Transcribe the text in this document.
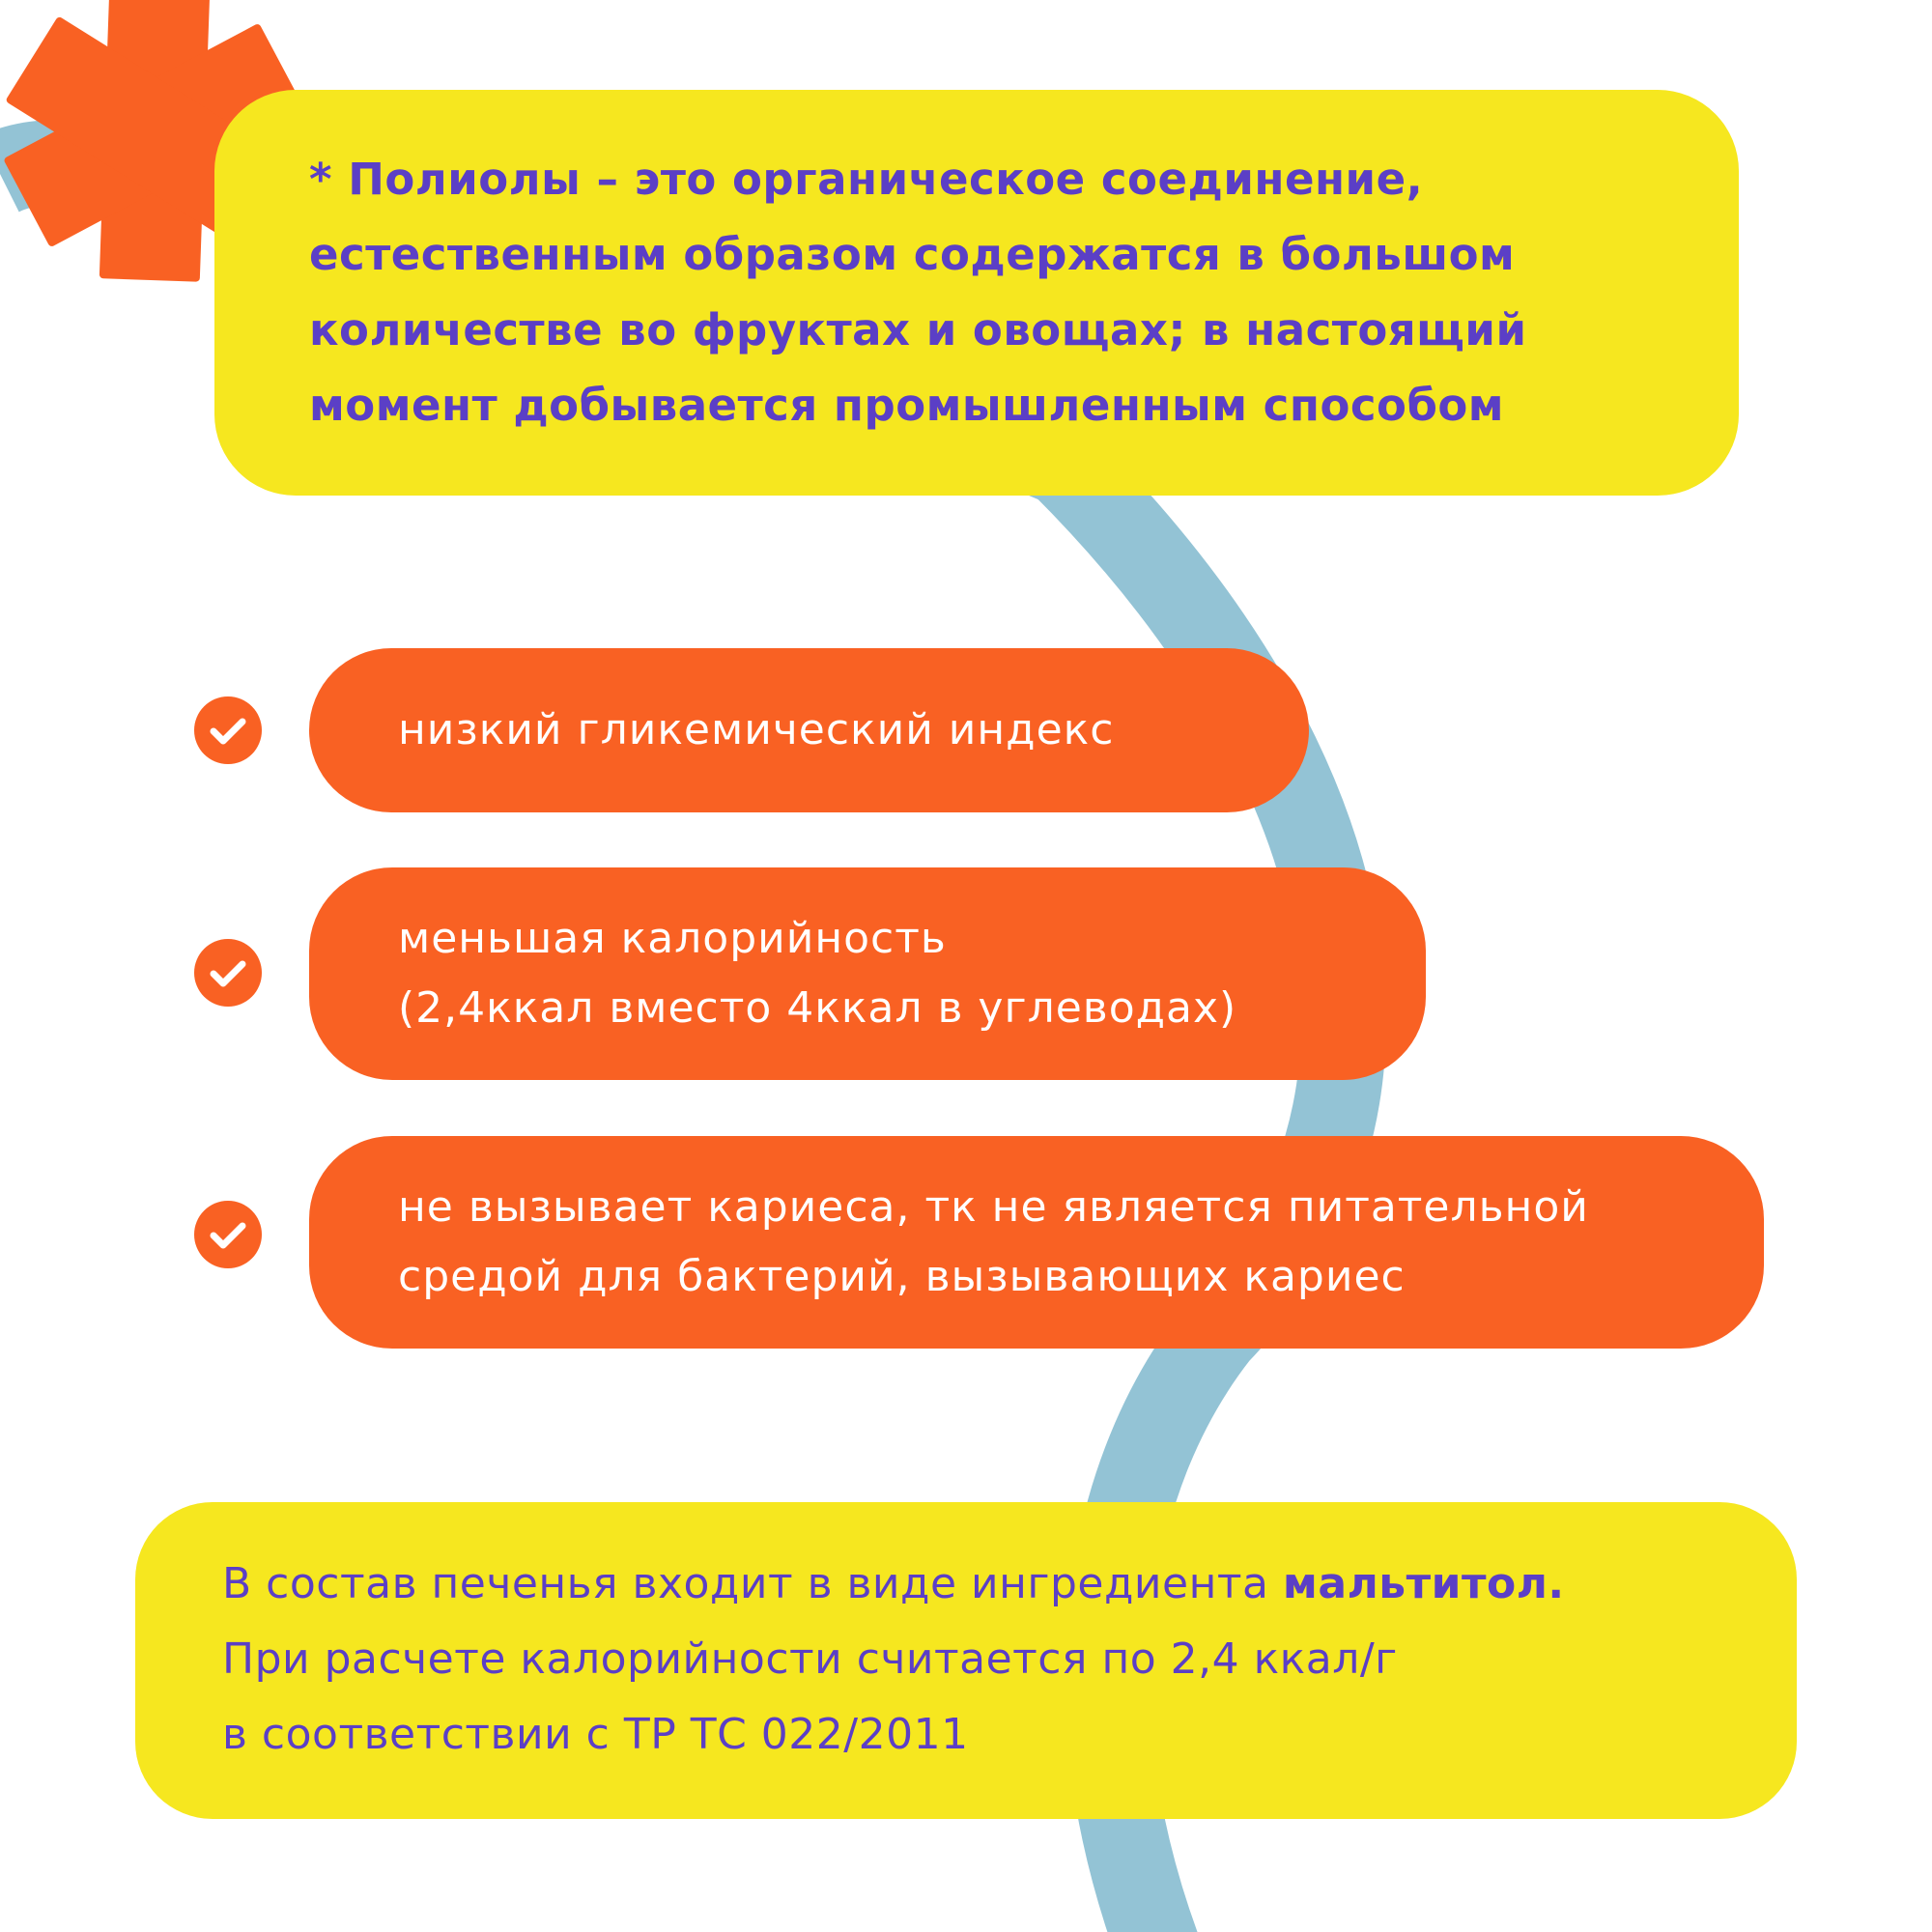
* Полиолы – это органическое соединение,

естественным образом содержатся в большом

количестве во фруктах и овощах; в настоящий

момент добывается промышленным способом

низкий гликемический индекс
меньшая калорийность
(2,4ккал вместо 4ккал в углеводах)
не вызывает кариеса, тк не является питательной
средой для бактерий, вызывающих кариес

В состав печенья входит в виде ингредиента мальтитол.

При расчете калорийности считается по 2,4 ккал/г

в соответствии с ТР ТС 022/2011
